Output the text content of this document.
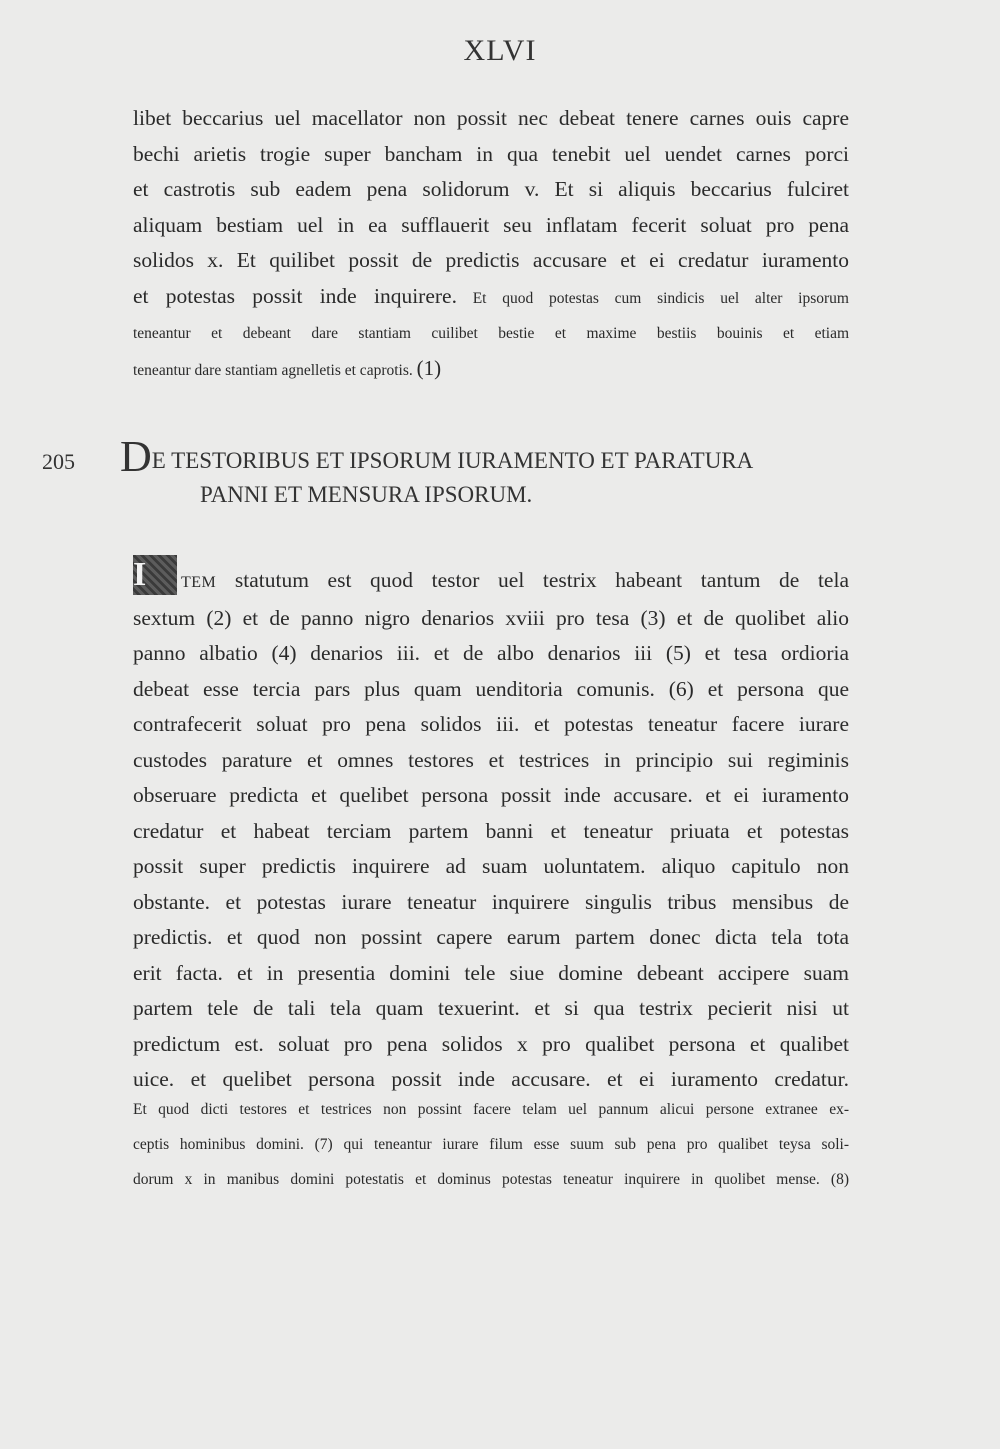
XLVI
libet beccarius uel macellator non possit nec debeat tenere carnes ouis capre
bechi arietis trogie super bancham in qua tenebit uel uendet carnes porci
et castrotis sub eadem pena solidorum v. Et si aliquis beccarius fulciret
aliquam bestiam uel in ea sufflauerit seu inflatam fecerit soluat pro pena
solidos x. Et quilibet possit de predictis accusare et ei credatur iuramento
et potestas possit inde inquirere. Et quod potestas cum sindicis uel alter ipsorum
teneantur et debeant dare stantiam cuilibet bestie et maxime bestiis bouinis et etiam
teneantur dare stantiam agnelletis et caprotis. (1)
205 DE TESTORIBUS ET IPSORUM IURAMENTO ET PARATURA
PANNI ET MENSURA IPSORUM.
I	TEM statutum est quod testor uel testrix habeant tantum de tela
sextum (2) et de panno nigro denarios xviii pro tesa (3) et de quolibet alio
panno albatio (4) denarios iii. et de albo denarios iii (5) et tesa ordioria
debeat esse tercia pars plus quam uenditoria comunis. (6) et persona que
contrafecerit soluat pro pena solidos iii. et potestas teneatur facere iurare
custodes parature et omnes testores et testrices in principio sui regiminis
obseruare predicta et quelibet persona possit inde accusare. et ei iuramento
credatur et habeat terciam partem banni et teneatur priuata et potestas
possit super predictis inquirere ad suam uoluntatem. aliquo capitulo non
obstante. et potestas iurare teneatur inquirere singulis tribus mensibus de
predictis. et quod non possint capere earum partem donec dicta tela tota
erit facta. et in presentia domini tele siue domine debeant accipere suam
partem tele de tali tela quam texuerint. et si qua testrix pecierit nisi ut
predictum est. soluat pro pena solidos x pro qualibet persona et qualibet
uice. et quelibet persona possit inde accusare. et ei iuramento credatur.
Et quod dicti testores et testrices non possint facere telam uel pannum alicui persone extranee ex-
ceptis hominibus domini. (7) qui teneantur iurare filum esse suum sub pena pro qualibet teysa soli-
dorum x in manibus domini potestatis et dominus potestas teneatur inquirere in quolibet mense. (8)
